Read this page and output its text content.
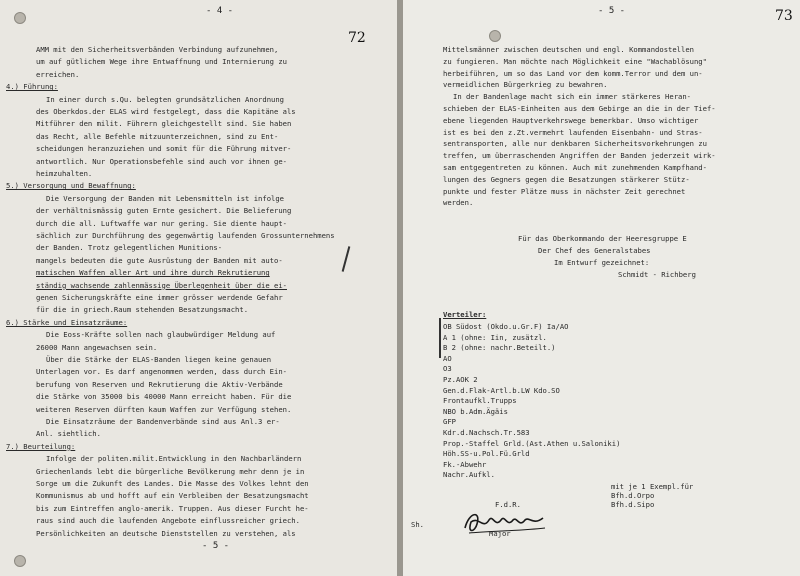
- 4 -
72
AMM mit den Sicherheitsverbänden Verbindung aufzunehmen,
um auf gütlichem Wege ihre Entwaffnung und Internierung zu
erreichen.
4.) Führung:
In einer durch s.Qu. belegten grundsätzlichen Anordnung
des Oberkdos.der ELAS wird festgelegt, dass die Kapitäne als
Mitführer den milit. Führern gleichgestellt sind. Sie haben
das Recht, alle Befehle mitzuunterzeichnen, sind zu Ent-
scheidungen heranzuziehen und somit für die Führung mitver-
antwortlich. Nur Operationsbefehle sind auch vor ihnen ge-
heimzuhalten.
5.) Versorgung und Bewaffnung:
Die Versorgung der Banden mit Lebensmitteln ist infolge
der verhältnismässig guten Ernte gesichert. Die Belieferung
durch die all. Luftwaffe war nur gering. Sie diente haupt-
sächlich zur Durchführung des gegenwärtig laufenden Grossunternehmens
der Banden. Trotz gelegentlichen Munitions-
mangels bedeuten die gute Ausrüstung der Banden mit auto-
matischen Waffen aller Art und ihre durch Rekrutierung
ständig wachsende zahlenmässige Überlegenheit über die ei-
genen Sicherungskräfte eine immer grösser werdende Gefahr
für die in griech.Raum stehenden Besatzungsmacht.
6.) Stärke und Einsatzräume:
Die Eoss-Kräfte sollen nach glaubwürdiger Meldung auf
26000 Mann angewachsen sein.
Über die Stärke der ELAS-Banden liegen keine genauen
Unterlagen vor. Es darf angenommen werden, dass durch Ein-
berufung von Reserven und Rekrutierung die Aktiv-Verbände
die Stärke von 35000 bis 40000 Mann erreicht haben. Für die
weiteren Reserven dürften kaum Waffen zur Verfügung stehen.
Die Einsatzräume der Bandenverbände sind aus Anl.3 er-
Anl. siehtlich.
7.) Beurteilung:
Infolge der politen.milit.Entwicklung in den Nachbarländern
Griechenlands lebt die bürgerliche Bevölkerung mehr denn je in
Sorge um die Zukunft des Landes. Die Masse des Volkes lehnt den
Kommunismus ab und hofft auf ein Verbleiben der Besatzungsmacht
bis zum Eintreffen anglo-amerik. Truppen. Aus dieser Furcht he-
raus sind auch die laufenden Angebote einflussreicher griech.
Persönlichkeiten an deutsche Dienststellen zu verstehen, als
- 5 -
- 5 -	73
Mittelsmänner zwischen deutschen und engl. Kommandostellen
zu fungieren. Man möchte nach Möglichkeit eine "Wachablösung"
herbeiführen, um so das Land vor dem komm.Terror und dem un-
vermeidlichen Bürgerkrieg zu bewahren.
In der Bandenlage macht sich ein immer stärkeres Heran-
schieben der ELAS-Einheiten aus dem Gebirge an die in der Tief-
ebene liegenden Hauptverkehrswege bemerkbar. Umso wichtiger
ist es bei den z.Zt.vermehrt laufenden Eisenbahn- und Stras-
sentransporten, alle nur denkbaren Sicherheitsvorkehrungen zu
treffen, um überraschenden Angriffen der Banden jederzeit wirk-
sam entgegentreten zu können. Auch mit zunehmenden Kampfhand-
lungen des Gegners gegen die Besatzungen stärkerer Stütz-
punkte und fester Plätze muss in nächster Zeit gerechnet
werden.
Für das Oberkommando der Heeresgruppe E
Der Chef des Generalstabes
Im Entwurf gezeichnet:
Schmidt - Richberg
Verteiler:
OB Südost (Okdo.u.Gr.F) Ia/AO
A 1 (ohne: Iin, zusätzl.
B 2 (ohne: nachr.Beteilt.)
AO
O3
Pz.AOK 2
Gen.d.Flak-Artl.b.LW Kdo.SO
Frontaufkl.Trupps
NBO b.Adm.Ägäis
GFP
Kdr.d.Nachsch.Tr.583
Prop.-Staffel Grld.(Ast.Athen u.Saloniki)
Höh.SS-u.Pol.Fü.Grld
Fk.-Abwehr
Nachr.Aufkl.
mit je 1 Exempl.für
Bfh.d.Orpo
Bfh.d.Sipo
F.d.R.
Major
Sh.
